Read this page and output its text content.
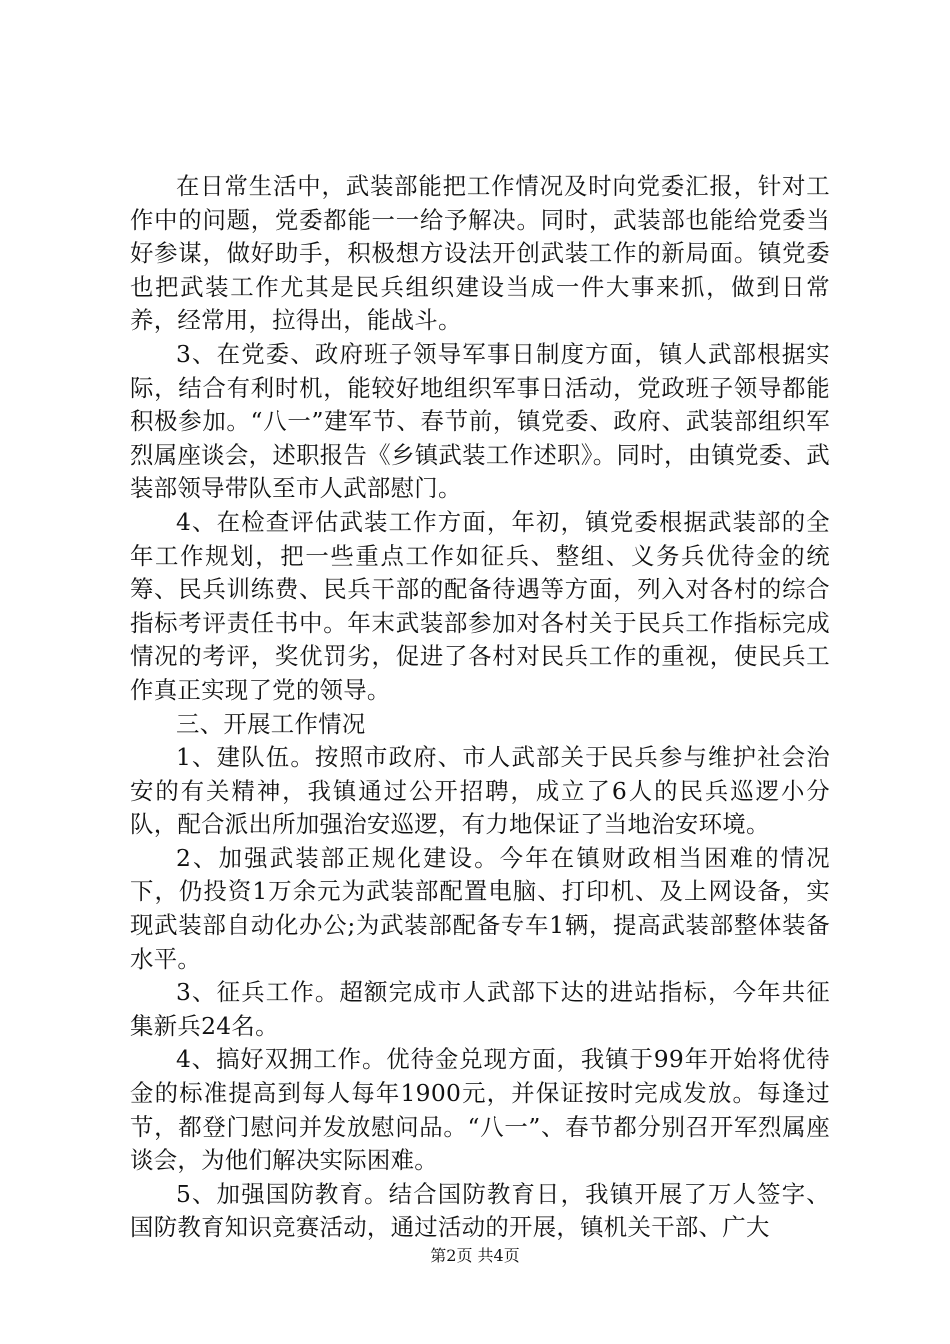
在日常生活中，武装部能把工作情况及时向党委汇报，针对工作中的问题，党委都能一一给予解决。同时，武装部也能给党委当好参谋，做好助手，积极想方设法开创武装工作的新局面。镇党委也把武装工作尤其是民兵组织建设当成一件大事来抓，做到日常养，经常用，拉得出，能战斗。

3、在党委、政府班子领导军事日制度方面，镇人武部根据实际，结合有利时机，能较好地组织军事日活动，党政班子领导都能积极参加。“八一”建军节、春节前，镇党委、政府、武装部组织军烈属座谈会，述职报告《乡镇武装工作述职》。同时，由镇党委、武装部领导带队至市人武部慰门。

4、在检查评估武装工作方面，年初，镇党委根据武装部的全年工作规划，把一些重点工作如征兵、整组、义务兵优待金的统筹、民兵训练费、民兵干部的配备待遇等方面，列入对各村的综合指标考评责任书中。年末武装部参加对各村关于民兵工作指标完成情况的考评，奖优罚劣，促进了各村对民兵工作的重视，使民兵工作真正实现了党的领导。

三、开展工作情况

1、建队伍。按照市政府、市人武部关于民兵参与维护社会治安的有关精神，我镇通过公开招聘，成立了6人的民兵巡逻小分队，配合派出所加强治安巡逻，有力地保证了当地治安环境。

2、加强武装部正规化建设。今年在镇财政相当困难的情况下，仍投资1万余元为武装部配置电脑、打印机、及上网设备，实现武装部自动化办公;为武装部配备专车1辆，提高武装部整体装备水平。

3、征兵工作。超额完成市人武部下达的进站指标，今年共征集新兵24名。

4、搞好双拥工作。优待金兑现方面，我镇于99年开始将优待金的标准提高到每人每年1900元，并保证按时完成发放。每逢过节，都登门慰问并发放慰问品。“八一”、春节都分别召开军烈属座谈会，为他们解决实际困难。

5、加强国防教育。结合国防教育日，我镇开展了万人签字、国防教育知识竞赛活动，通过活动的开展，镇机关干部、广大

第2页 共4页
